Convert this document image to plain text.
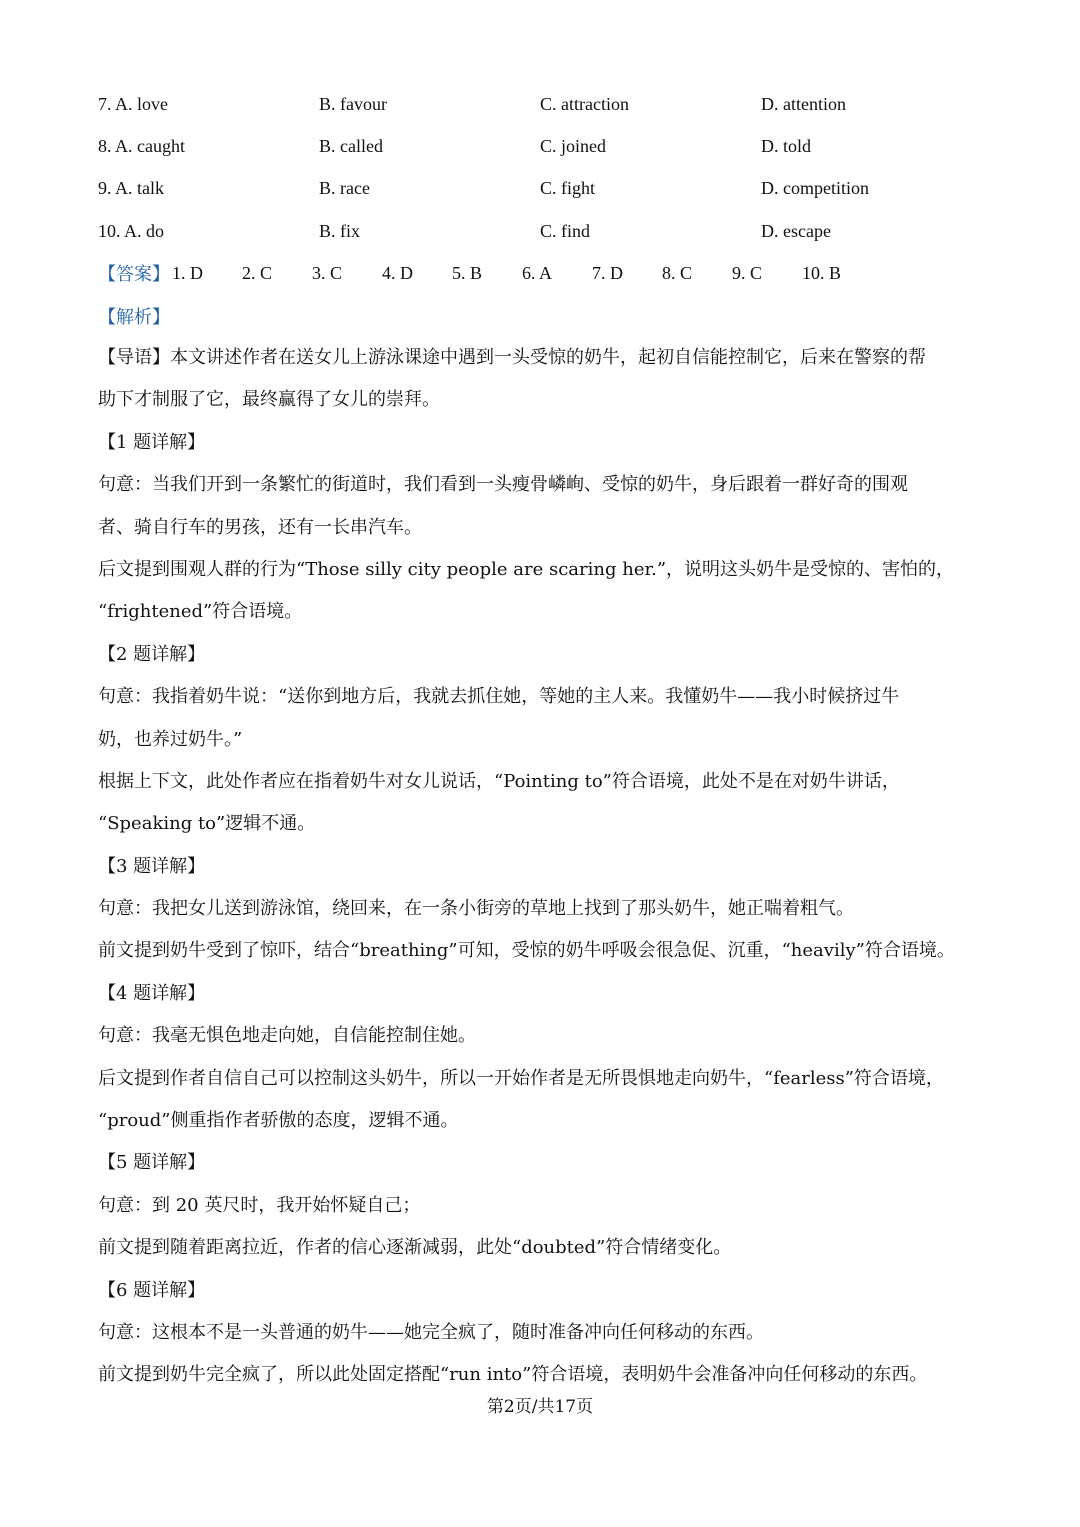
7. A. love	B. favour	C. attraction	D. attention
8. A. caught	B. called	C. joined	D. told
9. A. talk	B. race	C. fight	D. competition
10. A. do	B. fix	C. find	D. escape
【答案】 1. D	2. C	3. C	4. D	5. B	6. A	7. D	8. C	9. C	10. B
【解析】
【导语】本文讲述作者在送女儿上游泳课途中遇到一头受惊的奶牛，起初自信能控制它，后来在警察的帮
助下才制服了它，最终赢得了女儿的崇拜。
【1 题详解】
句意：当我们开到一条繁忙的街道时，我们看到一头瘦骨嶙峋、受惊的奶牛，身后跟着一群好奇的围观
者、骑自行车的男孩，还有一长串汽车。
后文提到围观人群的行为“Those silly city people are scaring her.”，说明这头奶牛是受惊的、害怕的，
“frightened”符合语境。
【2 题详解】
句意：我指着奶牛说：“送你到地方后，我就去抓住她，等她的主人来。我懂奶牛——我小时候挤过牛
奶，也养过奶牛。”
根据上下文，此处作者应在指着奶牛对女儿说话，“Pointing to”符合语境，此处不是在对奶牛讲话，
“Speaking to”逻辑不通。
【3 题详解】
句意：我把女儿送到游泳馆，绕回来，在一条小街旁的草地上找到了那头奶牛，她正喘着粗气。
前文提到奶牛受到了惊吓，结合“breathing”可知，受惊的奶牛呼吸会很急促、沉重，“heavily”符合语境。
【4 题详解】
句意：我毫无惧色地走向她，自信能控制住她。
后文提到作者自信自己可以控制这头奶牛，所以一开始作者是无所畏惧地走向奶牛，“fearless”符合语境，
“proud”侧重指作者骄傲的态度，逻辑不通。
【5 题详解】
句意：到 20 英尺时，我开始怀疑自己；
前文提到随着距离拉近，作者的信心逐渐减弱，此处“doubted”符合情绪变化。
【6 题详解】
句意：这根本不是一头普通的奶牛——她完全疯了，随时准备冲向任何移动的东西。
前文提到奶牛完全疯了，所以此处固定搭配“run into”符合语境，表明奶牛会准备冲向任何移动的东西。
第2页/共17页
